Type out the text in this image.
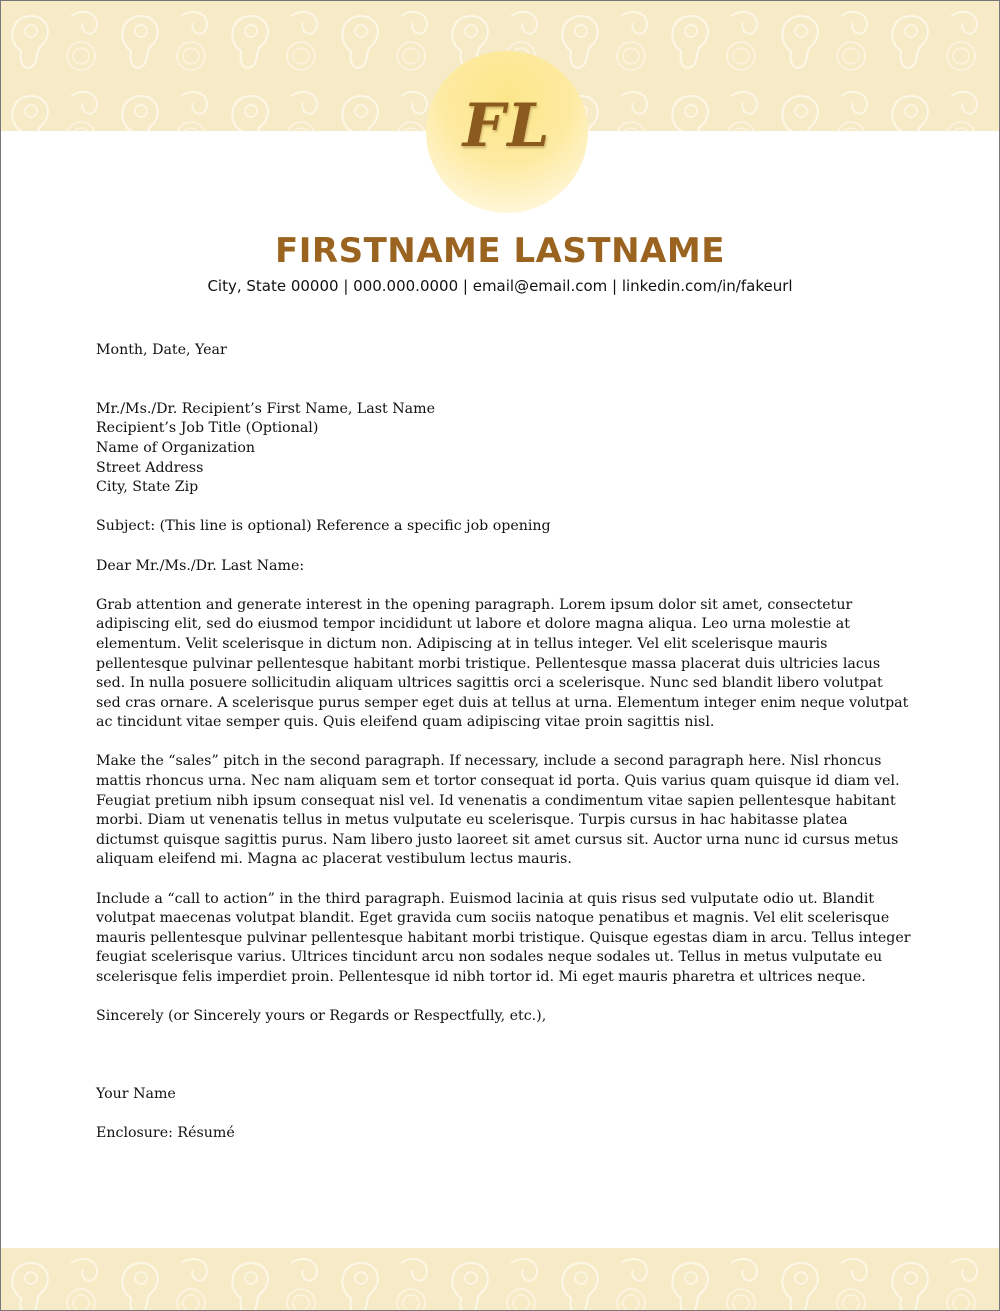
FL
FIRSTNAME LASTNAME
City, State 00000 | 000.000.0000 | email@email.com | linkedin.com/in/fakeurl

Month, Date, Year

Mr./Ms./Dr. Recipient’s First Name, Last Name

Recipient’s Job Title (Optional)

Name of Organization

Street Address

City, State Zip

Subject: (This line is optional) Reference a specific job opening

Dear Mr./Ms./Dr. Last Name:

Grab attention and generate interest in the opening paragraph. Lorem ipsum dolor sit amet, consectetur adipiscing elit, sed do eiusmod tempor incididunt ut labore et dolore magna aliqua. Leo urna molestie at elementum. Velit scelerisque in dictum non. Adipiscing at in tellus integer. Vel elit scelerisque mauris pellentesque pulvinar pellentesque habitant morbi tristique. Pellentesque massa placerat duis ultricies lacus sed. In nulla posuere sollicitudin aliquam ultrices sagittis orci a scelerisque. Nunc sed blandit libero volutpat sed cras ornare. A scelerisque purus semper eget duis at tellus at urna. Elementum integer enim neque volutpat ac tincidunt vitae semper quis. Quis eleifend quam adipiscing vitae proin sagittis nisl.

Make the “sales” pitch in the second paragraph. If necessary, include a second paragraph here. Nisl rhoncus mattis rhoncus urna. Nec nam aliquam sem et tortor consequat id porta. Quis varius quam quisque id diam vel. Feugiat pretium nibh ipsum consequat nisl vel. Id venenatis a condimentum vitae sapien pellentesque habitant morbi. Diam ut venenatis tellus in metus vulputate eu scelerisque. Turpis cursus in hac habitasse platea dictumst quisque sagittis purus. Nam libero justo laoreet sit amet cursus sit. Auctor urna nunc id cursus metus aliquam eleifend mi. Magna ac placerat vestibulum lectus mauris.

Include a “call to action” in the third paragraph. Euismod lacinia at quis risus sed vulputate odio ut. Blandit volutpat maecenas volutpat blandit. Eget gravida cum sociis natoque penatibus et magnis. Vel elit scelerisque mauris pellentesque pulvinar pellentesque habitant morbi tristique. Quisque egestas diam in arcu. Tellus integer feugiat scelerisque varius. Ultrices tincidunt arcu non sodales neque sodales ut. Tellus in metus vulputate eu scelerisque felis imperdiet proin. Pellentesque id nibh tortor id. Mi eget mauris pharetra et ultrices neque.

Sincerely (or Sincerely yours or Regards or Respectfully, etc.),

Your Name

Enclosure: Résumé
